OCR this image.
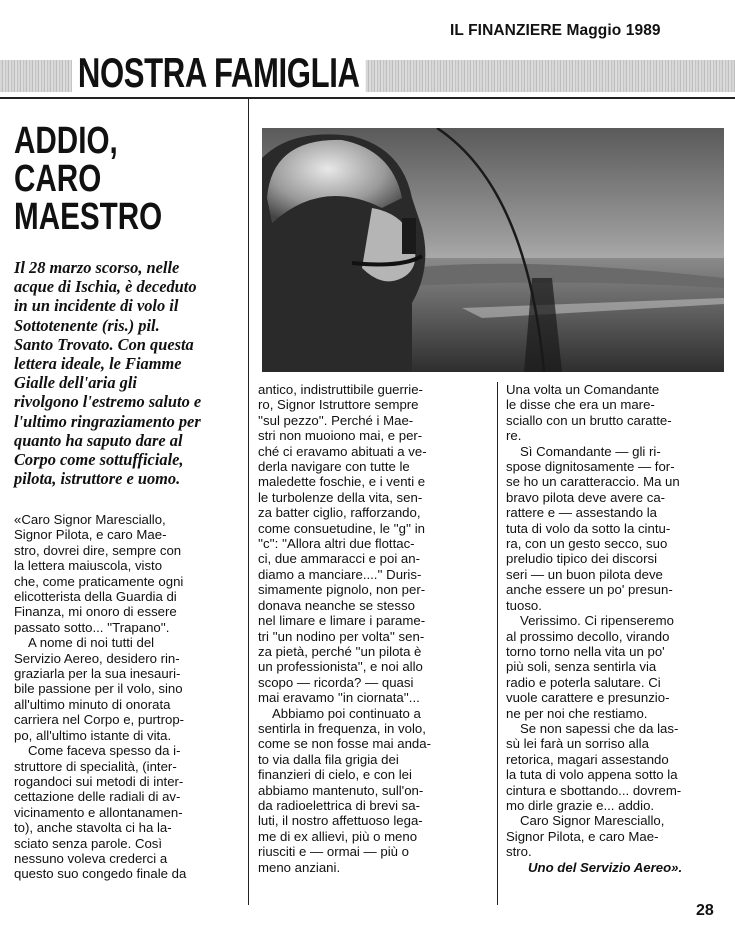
IL FINANZIERE Maggio 1989
NOSTRA FAMIGLIA
ADDIO,
CARO
MAESTRO
Il 28 marzo scorso, nelle
acque di Ischia, è deceduto
in un incidente di volo il
Sottotenente (ris.) pil.
Santo Trovato. Con questa
lettera ideale, le Fiamme
Gialle dell'aria gli
rivolgono l'estremo saluto e
l'ultimo ringraziamento per
quanto ha saputo dare al
Corpo come sottufficiale,
pilota, istruttore e uomo.
«Caro Signor Maresciallo,
Signor Pilota, e caro Mae-
stro, dovrei dire, sempre con
la lettera maiuscola, visto
che, come praticamente ogni
elicotterista della Guardia di
Finanza, mi onoro di essere
passato sotto... ''Trapano''.
A nome di noi tutti del
Servizio Aereo, desidero rin-
graziarla per la sua inesauri-
bile passione per il volo, sino
all'ultimo minuto di onorata
carriera nel Corpo e, purtrop-
po, all'ultimo istante di vita.
Come faceva spesso da i-
struttore di specialità, (inter-
rogandoci sui metodi di inter-
cettazione delle radiali di av-
vicinamento e allontanamen-
to), anche stavolta ci ha la-
sciato senza parole. Così
nessuno voleva crederci a
questo suo congedo finale da
antico, indistruttibile guerrie-
ro, Signor Istruttore sempre
''sul pezzo''. Perché i Mae-
stri non muoiono mai, e per-
ché ci eravamo abituati a ve-
derla navigare con tutte le
maledette foschie, e i venti e
le turbolenze della vita, sen-
za batter ciglio, rafforzando,
come consuetudine, le ''g'' in
''c'': ''Allora altri due flottac-
ci, due ammaracci e poi an-
diamo a manciare....'' Duris-
simamente pignolo, non per-
donava neanche se stesso
nel limare e limare i parame-
tri ''un nodino per volta'' sen-
za pietà, perché ''un pilota è
un professionista'', e noi allo
scopo — ricorda? — quasi
mai eravamo ''in ciornata''...
Abbiamo poi continuato a
sentirla in frequenza, in volo,
come se non fosse mai anda-
to via dalla fila grigia dei
finanzieri di cielo, e con lei
abbiamo mantenuto, sull'on-
da radioelettrica di brevi sa-
luti, il nostro affettuoso lega-
me di ex allievi, più o meno
riusciti e — ormai — più o
meno anziani.
Una volta un Comandante
le disse che era un mare-
sciallo con un brutto caratte-
re.
Sì Comandante — gli ri-
spose dignitosamente — for-
se ho un caratteraccio. Ma un
bravo pilota deve avere ca-
rattere e — assestando la
tuta di volo da sotto la cintu-
ra, con un gesto secco, suo
preludio tipico dei discorsi
seri — un buon pilota deve
anche essere un po' presun-
tuoso.
Verissimo. Ci ripenseremo
al prossimo decollo, virando
torno torno nella vita un po'
più soli, senza sentirla via
radio e poterla salutare. Ci
vuole carattere e presunzio-
ne per noi che restiamo.
Se non sapessi che da las-
sù lei farà un sorriso alla
retorica, magari assestando
la tuta di volo appena sotto la
cintura e sbottando... dovrem-
mo dirle grazie e... addio.
Caro Signor Maresciallo,
Signor Pilota, e caro Mae-
stro.
Uno del Servizio Aereo».
28
